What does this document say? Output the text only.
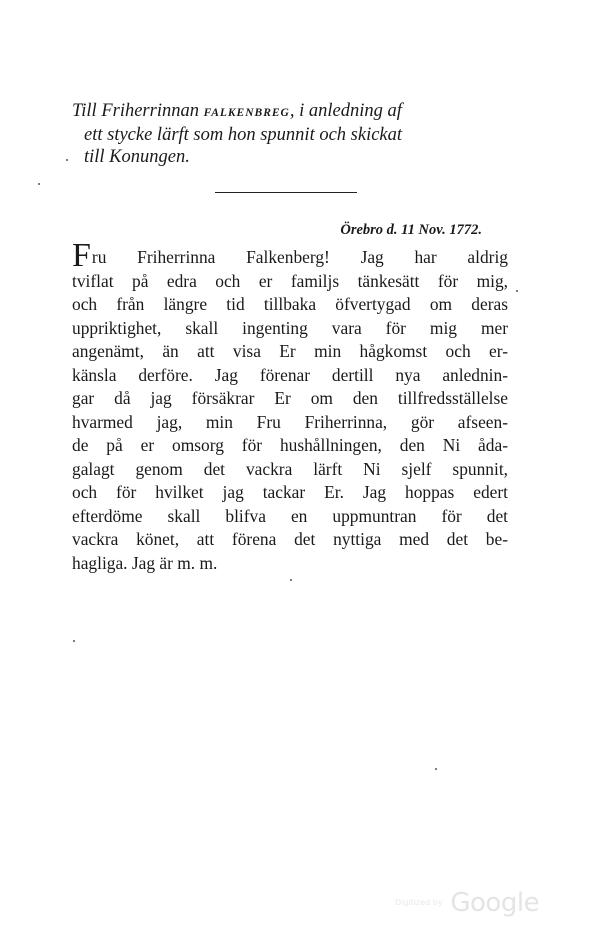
Till Friherrinnan FALKENBREG, i anledning af
ett stycke lärft som hon spunnit och skickat
till Konungen.
Örebro d. 11 Nov. 1772.
Fru Friherrinna Falkenberg! Jag har aldrig
tviflat på edra och er familjs tänkesätt för mig,
och från längre tid tillbaka öfvertygad om deras
uppriktighet, skall ingenting vara för mig mer
angenämt, än att visa Er min hågkomst och er-
känsla derföre. Jag förenar dertill nya anlednin-
gar då jag försäkrar Er om den tillfredsställelse
hvarmed jag, min Fru Friherrinna, gör afseen-
de på er omsorg för hushållningen, den Ni åda-
galagt genom det vackra lärft Ni sjelf spunnit,
och för hvilket jag tackar Er. Jag hoppas edert
efterdöme skall blifva en uppmuntran för det
vackra könet, att förena det nyttiga med det be-
hagliga. Jag är m. m.
$^{Digitized by}$ Google
